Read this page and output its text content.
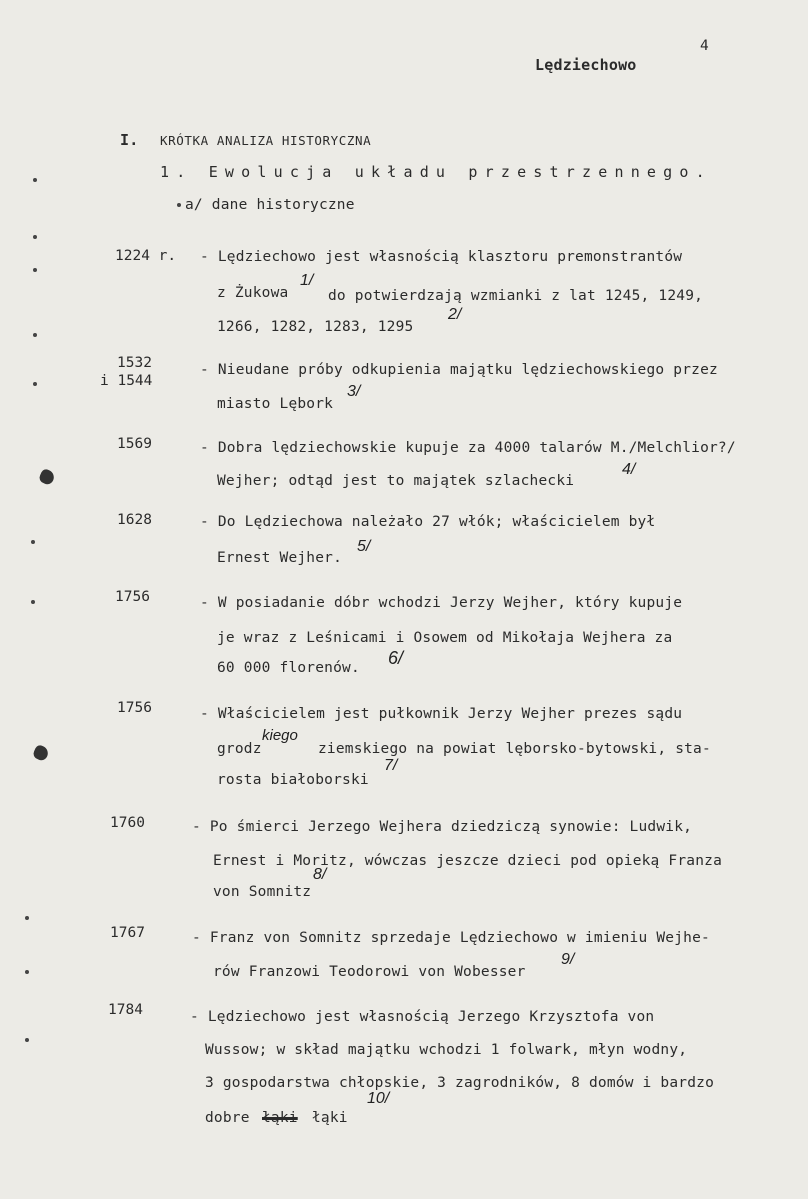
4
Lędziechowo
I. KRÓTKA ANALIZA HISTORYCZNA
1. Ewolucja układu przestrzennego.
a/ dane historyczne
1224 r. - Lędziechowo jest własnością klasztoru premonstrantów
z Żukowa
1/
do potwierdzają wzmianki z lat 1245, 1249,
1266, 1282, 1283, 1295
2/
1532
i 1544
- Nieudane próby odkupienia majątku lędziechowskiego przez
miasto Lębork
3/
1569	- Dobra lędziechowskie kupuje za 4000 talarów M./Melchlior?/
Wejher; odtąd jest to majątek szlachecki
4/
1628	- Do Lędziechowa należało 27 włók; właścicielem był
Ernest Wejher.
5/
1756	- W posiadanie dóbr wchodzi Jerzy Wejher, który kupuje
je wraz z Leśnicami i Osowem od Mikołaja Wejhera za
60 000 florenów. 6/
1756	- Właścicielem jest pułkownik Jerzy Wejher prezes sądu
grodz
kiego
ziemskiego na powiat lęborsko-bytowski, sta-
rosta białoborski
7/
1760	- Po śmierci Jerzego Wejhera dziedziczą synowie: Ludwik,
Ernest i Moritz, wówczas jeszcze dzieci pod opieką Franza
von Somnitz
8/
1767	- Franz von Somnitz sprzedaje Lędziechowo w imieniu Wejhe-
rów Franzowi Teodorowi von Wobesser
9/
1784	- Lędziechowo jest własnością Jerzego Krzysztofa von
Wussow; w skład majątku wchodzi 1 folwark, młyn wodny,
3 gospodarstwa chłopskie, 3 zagrodników, 8 domów i bardzo
dobre łąki łąki
10/
